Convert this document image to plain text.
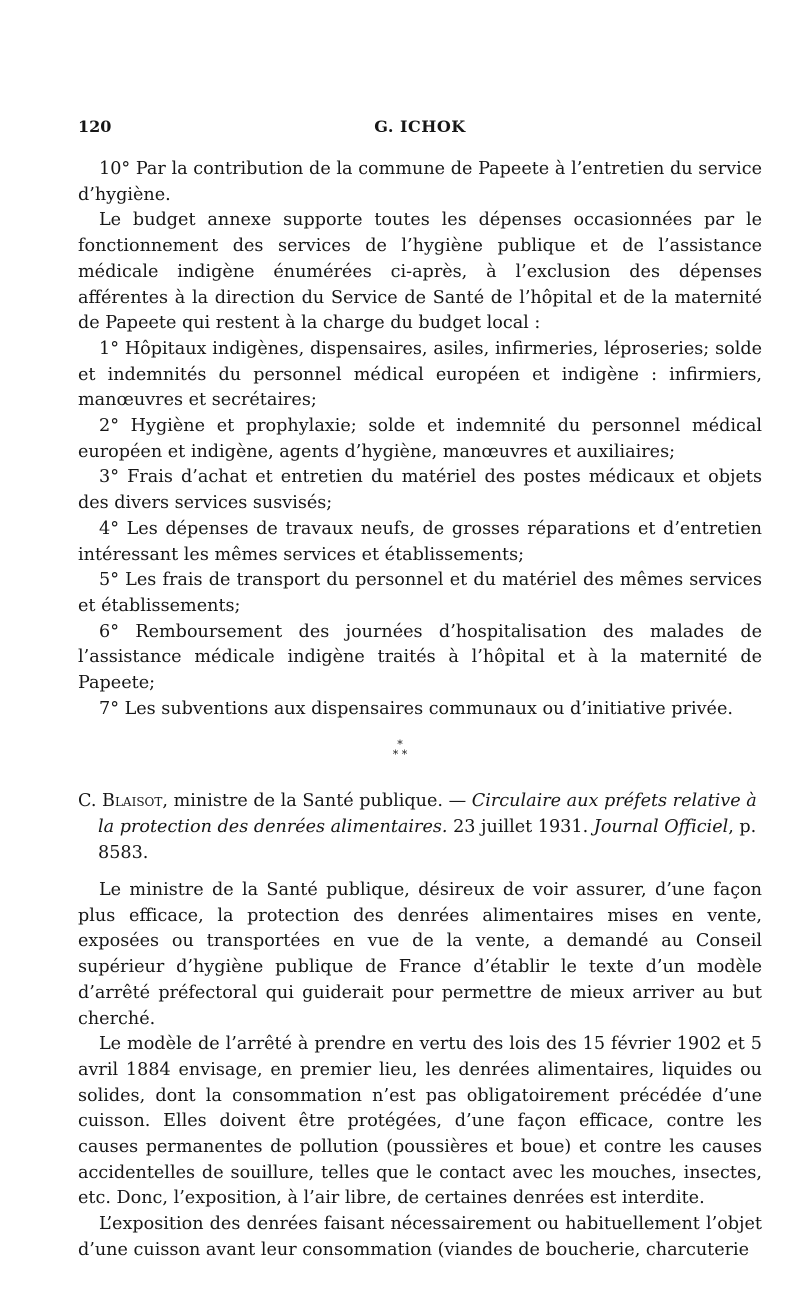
120	G. ICHOK

10° Par la contribution de la commune de Papeete à l’entretien du service d’hygiène.

Le budget annexe supporte toutes les dépenses occasionnées par le fonctionnement des services de l’hygiène publique et de l’assistance médicale indigène énumérées ci-après, à l’exclusion des dépenses afférentes à la direction du Service de Santé de l’hôpital et de la maternité de Papeete qui restent à la charge du budget local :

1° Hôpitaux indigènes, dispensaires, asiles, infirmeries, léproseries; solde et indemnités du personnel médical européen et indigène : infirmiers, manœuvres et secrétaires;

2° Hygiène et prophylaxie; solde et indemnité du personnel médical européen et indigène, agents d’hygiène, manœuvres et auxiliaires;

3° Frais d’achat et entretien du matériel des postes médicaux et objets des divers services susvisés;

4° Les dépenses de travaux neufs, de grosses réparations et d’entretien intéressant les mêmes services et établissements;

5° Les frais de transport du personnel et du matériel des mêmes services et établissements;

6° Remboursement des journées d’hospitalisation des malades de l’assistance médicale indigène traités à l’hôpital et à la maternité de Papeete;

7° Les subventions aux dispensaires communaux ou d’initiative privée.

*
* *

C. Blaisot, ministre de la Santé publique. — Circulaire aux préfets relative à la protection des denrées alimentaires. 23 juillet 1931. Journal Officiel, p. 8583.

Le ministre de la Santé publique, désireux de voir assurer, d’une façon plus efficace, la protection des denrées alimentaires mises en vente, exposées ou transportées en vue de la vente, a demandé au Conseil supérieur d’hygiène publique de France d’établir le texte d’un modèle d’arrêté préfectoral qui guiderait pour permettre de mieux arriver au but cherché.

Le modèle de l’arrêté à prendre en vertu des lois des 15 février 1902 et 5 avril 1884 envisage, en premier lieu, les denrées alimentaires, liquides ou solides, dont la consommation n’est pas obligatoirement précédée d’une cuisson. Elles doivent être protégées, d’une façon efficace, contre les causes permanentes de pollution (poussières et boue) et contre les causes accidentelles de souillure, telles que le contact avec les mouches, insectes, etc. Donc, l’exposition, à l’air libre, de certaines denrées est interdite.

L’exposition des denrées faisant nécessairement ou habituellement l’objet d’une cuisson avant leur consommation (viandes de boucherie, charcuterie
